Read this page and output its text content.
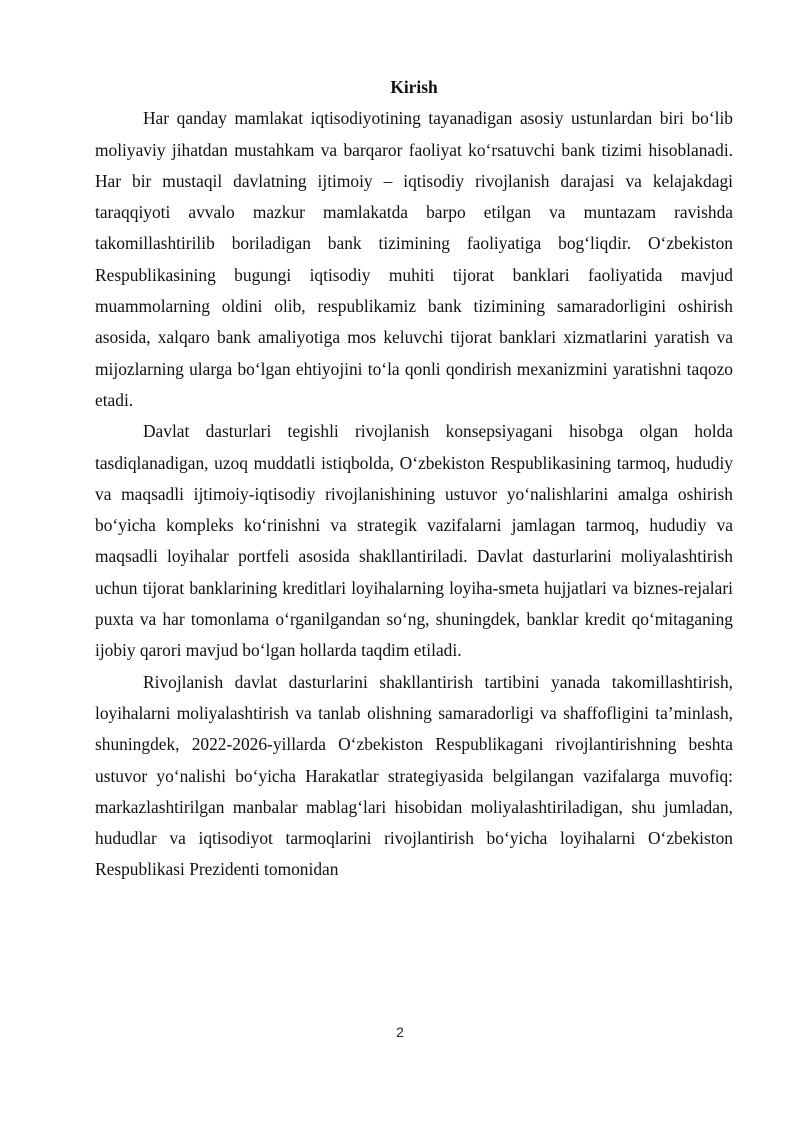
Kirish

Har qanday mamlakat iqtisodiyotining tayanadigan asosiy ustunlardan biri bo‘lib moliyaviy jihatdan mustahkam va barqaror faoliyat ko‘rsatuvchi bank tizimi hisoblanadi. Har bir mustaqil davlatning ijtimoiy – iqtisodiy rivojlanish darajasi va kelajakdagi taraqqiyoti avvalo mazkur mamlakatda barpo etilgan va muntazam ravishda takomillashtirilib boriladigan bank tizimining faoliyatiga bog‘liqdir. O‘zbekiston Respublikasining bugungi iqtisodiy muhiti tijorat banklari faoliyatida mavjud muammolarning oldini olib, respublikamiz bank tizimining samaradorligini oshirish asosida, xalqaro bank amaliyotiga mos keluvchi tijorat banklari xizmatlarini yaratish va mijozlarning ularga bo‘lgan ehtiyojini to‘la qonli qondirish mexanizmini yaratishni taqozo etadi.

Davlat dasturlari tegishli rivojlanish konsepsiyagani hisobga olgan holda tasdiqlanadigan, uzoq muddatli istiqbolda, O‘zbekiston Respublikasining tarmoq, hududiy va maqsadli ijtimoiy-iqtisodiy rivojlanishining ustuvor yo‘nalishlarini amalga oshirish bo‘yicha kompleks ko‘rinishni va strategik vazifalarni jamlagan tarmoq, hududiy va maqsadli loyihalar portfeli asosida shakllantiriladi. Davlat dasturlarini moliyalashtirish uchun tijorat banklarining kreditlari loyihalarning loyiha-smeta hujjatlari va biznes-rejalari puxta va har tomonlama o‘rganilgandan so‘ng, shuningdek, banklar kredit qo‘mitaganing ijobiy qarori mavjud bo‘lgan hollarda taqdim etiladi.

Rivojlanish davlat dasturlarini shakllantirish tartibini yanada takomillashtirish, loyihalarni moliyalashtirish va tanlab olishning samaradorligi va shaffofligini ta’minlash, shuningdek, 2022-2026-yillarda O‘zbekiston Respublikagani rivojlantirishning beshta ustuvor yo‘nalishi bo‘yicha Harakatlar strategiyasida belgilangan vazifalarga muvofiq: markazlashtirilgan manbalar mablag‘lari hisobidan moliyalashtiriladigan, shu jumladan, hududlar va iqtisodiyot tarmoqlarini rivojlantirish bo‘yicha loyihalarni O‘zbekiston Respublikasi Prezidenti tomonidan

2
